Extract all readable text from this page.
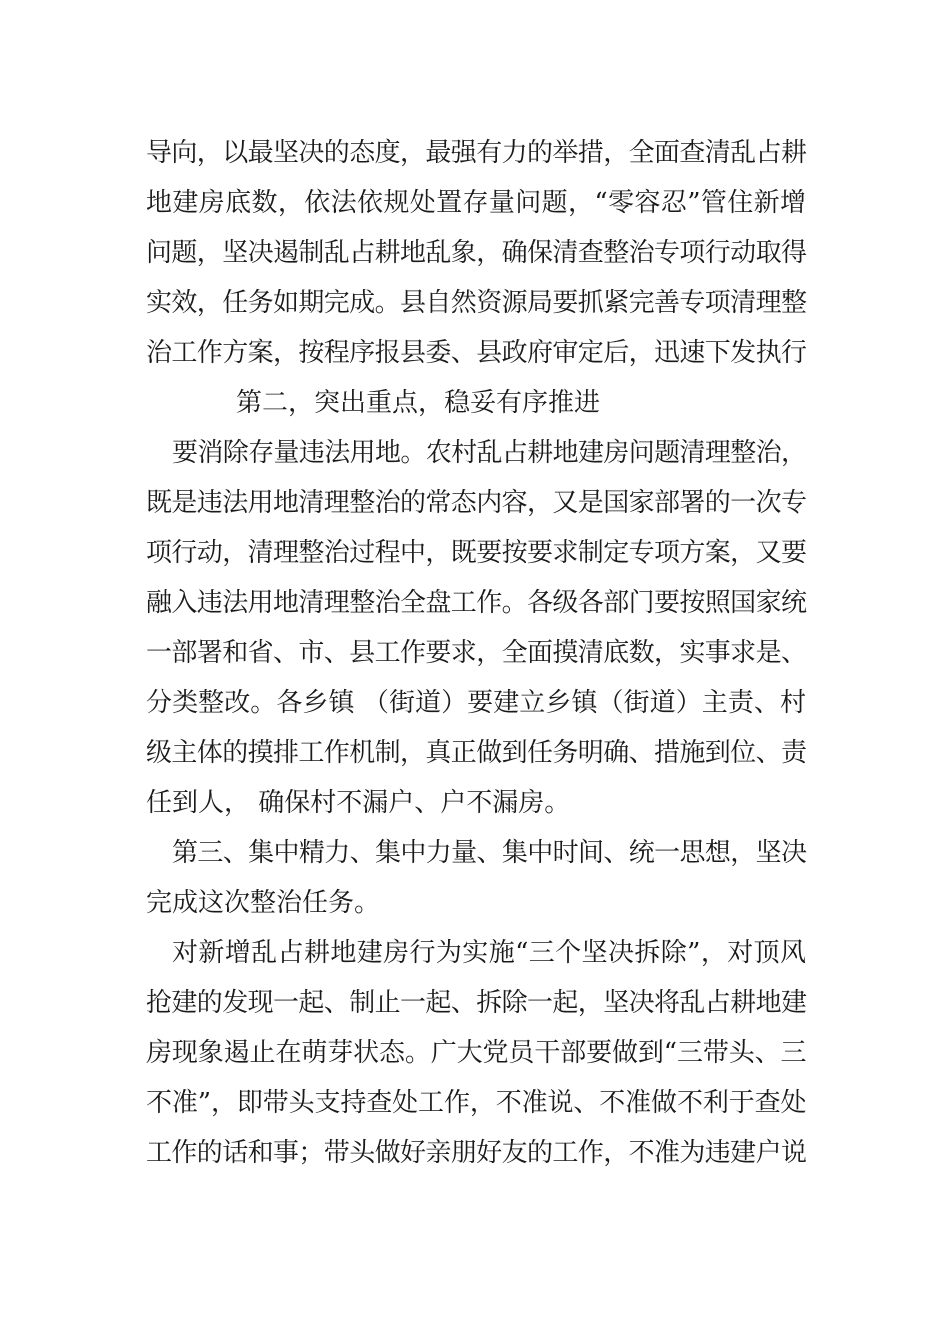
导向，以最坚决的态度，最强有力的举措，全面查清乱占耕
地建房底数，依法依规处置存量问题，“零容忍”管住新增
问题，坚决遏制乱占耕地乱象，确保清查整治专项行动取得
实效，任务如期完成。县自然资源局要抓紧完善专项清理整
治工作方案，按程序报县委、县政府审定后，迅速下发执行
第二，突出重点，稳妥有序推进
要消除存量违法用地。农村乱占耕地建房问题清理整治，
既是违法用地清理整治的常态内容，又是国家部署的一次专
项行动，清理整治过程中，既要按要求制定专项方案，又要
融入违法用地清理整治全盘工作。各级各部门要按照国家统
一部署和省、市、县工作要求，全面摸清底数，实事求是、
分类整改。各乡镇 （街道）要建立乡镇（街道）主责、村
级主体的摸排工作机制，真正做到任务明确、措施到位、责
任到人， 确保村不漏户、户不漏房。
第三、集中精力、集中力量、集中时间、统一思想，坚决
完成这次整治任务。
对新增乱占耕地建房行为实施“三个坚决拆除”，对顶风
抢建的发现一起、制止一起、拆除一起，坚决将乱占耕地建
房现象遏止在萌芽状态。广大党员干部要做到“三带头、三
不准”，即带头支持查处工作，不准说、不准做不利于查处
工作的话和事；带头做好亲朋好友的工作，不准为违建户说
